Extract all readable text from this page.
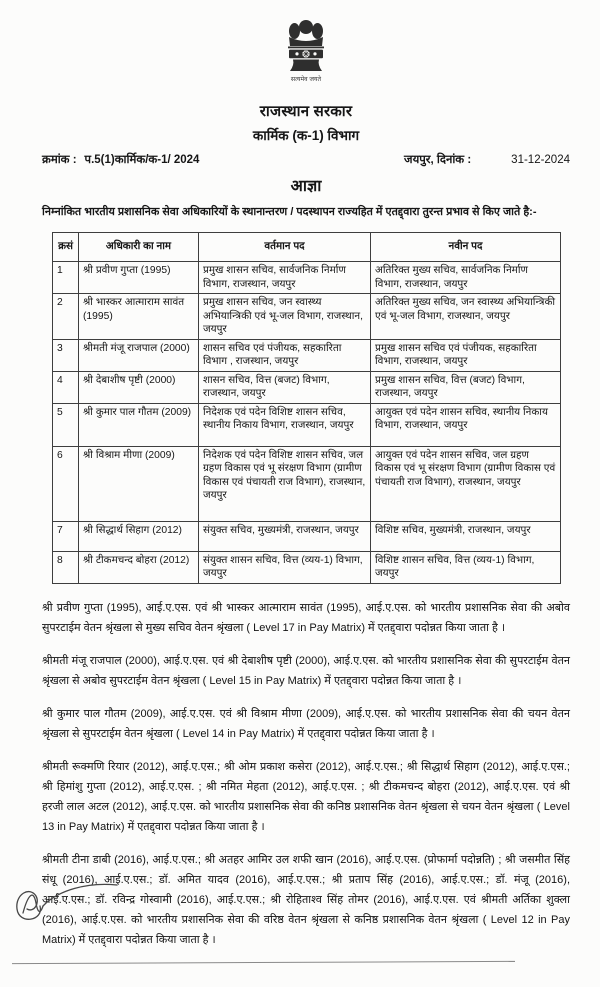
सत्यमेव जयते
राजस्थान सरकार
कार्मिक (क-1) विभाग
क्रमांक : प.5(1)कार्मिक/क-1/ 2024	जयपुर, दिनांक :	31-12-2024
आज्ञा
निम्नांकित भारतीय प्रशासनिक सेवा अधिकारियों के स्थानान्तरण / पदस्थापन राज्यहित में एतद्द्वारा तुरन्त प्रभाव से किए जाते है:-
क्रसं	अधिकारी का नाम	वर्तमान पद	नवीन पद
1	श्री प्रवीण गुप्ता (1995)	प्रमुख शासन सचिव, सार्वजनिक निर्माण विभाग, राजस्थान, जयपुर	अतिरिक्त मुख्य सचिव, सार्वजनिक निर्माण विभाग, राजस्थान, जयपुर
2	श्री भास्कर आत्माराम सावंत (1995)	प्रमुख शासन सचिव, जन स्वास्थ्य अभियान्त्रिकी एवं भू-जल विभाग, राजस्थान, जयपुर	अतिरिक्त मुख्य सचिव, जन स्वास्थ्य अभियान्त्रिकी एवं भू-जल विभाग, राजस्थान, जयपुर
3	श्रीमती मंजू राजपाल (2000)	शासन सचिव एवं पंजीयक, सहकारिता विभाग , राजस्थान, जयपुर	प्रमुख शासन सचिव एवं पंजीयक, सहकारिता विभाग, राजस्थान, जयपुर
4	श्री देबाशीष पृष्टी (2000)	शासन सचिव, वित्त (बजट) विभाग, राजस्थान, जयपुर	प्रमुख शासन सचिव, वित्त (बजट) विभाग, राजस्थान, जयपुर
5	श्री कुमार पाल गौतम (2009)	निदेशक एवं पदेन विशिष्ट शासन सचिव, स्थानीय निकाय विभाग, राजस्थान, जयपुर	आयुक्त एवं पदेन शासन सचिव, स्थानीय निकाय विभाग, राजस्थान, जयपुर
6	श्री विश्राम मीणा (2009)	निदेशक एवं पदेन विशिष्ट शासन सचिव, जल ग्रहण विकास एवं भू संरक्षण विभाग (ग्रामीण विकास एवं पंचायती राज विभाग), राजस्थान, जयपुर	आयुक्त एवं पदेन शासन सचिव, जल ग्रहण विकास एवं भू संरक्षण विभाग (ग्रामीण विकास एवं पंचायती राज विभाग), राजस्थान, जयपुर
7	श्री सिद्धार्थ सिहाग (2012)	संयुक्त सचिव, मुख्यमंत्री, राजस्थान, जयपुर	विशिष्ट सचिव, मुख्यमंत्री, राजस्थान, जयपुर
8	श्री टीकमचन्द बोहरा (2012)	संयुक्त शासन सचिव, वित्त (व्यय-1) विभाग, जयपुर	विशिष्ट शासन सचिव, वित्त (व्यय-1) विभाग, जयपुर

श्री प्रवीण गुप्ता (1995), आई.ए.एस. एवं श्री भास्कर आत्माराम सावंत (1995), आई.ए.एस. को भारतीय प्रशासनिक सेवा की अबोव सुपरटाईम वेतन श्रृंखला से मुख्य सचिव वेतन श्रृंखला ( Level 17 in Pay Matrix) में एतद्द्वारा पदोन्नत किया जाता है ।

श्रीमती मंजू राजपाल (2000), आई.ए.एस. एवं श्री देबाशीष पृष्टी (2000), आई.ए.एस. को भारतीय प्रशासनिक सेवा की सुपरटाईम वेतन श्रृंखला से अबोव सुपरटाईम वेतन श्रृंखला ( Level 15 in Pay Matrix) में एतद्द्वारा पदोन्नत किया जाता है ।

श्री कुमार पाल गौतम (2009), आई.ए.एस. एवं श्री विश्राम मीणा (2009), आई.ए.एस. को भारतीय प्रशासनिक सेवा की चयन वेतन श्रृंखला से सुपरटाईम वेतन श्रृंखला ( Level 14 in Pay Matrix) में एतद्द्वारा पदोन्नत किया जाता है ।

श्रीमती रूक्मणि रियार (2012), आई.ए.एस.; श्री ओम प्रकाश कसेरा (2012), आई.ए.एस.; श्री सिद्धार्थ सिहाग (2012), आई.ए.एस.; श्री हिमांशु गुप्ता (2012), आई.ए.एस. ; श्री नमित मेहता (2012), आई.ए.एस. ; श्री टीकमचन्द बोहरा (2012), आई.ए.एस. एवं श्री हरजी लाल अटल (2012), आई.ए.एस. को भारतीय प्रशासनिक सेवा की कनिष्ठ प्रशासनिक वेतन श्रृंखला से चयन वेतन श्रृंखला ( Level 13 in Pay Matrix) में एतद्द्वारा पदोन्नत किया जाता है ।

श्रीमती टीना डाबी (2016), आई.ए.एस.; श्री अतहर आमिर उल शफी खान (2016), आई.ए.एस. (प्रोफार्मा पदोन्नति) ; श्री जसमीत सिंह संधू (2016), आई.ए.एस.; डॉ. अमित यादव (2016), आई.ए.एस.; श्री प्रताप सिंह (2016), आई.ए.एस.; डॉ. मंजू (2016), आई.ए.एस.; डॉ. रविन्द्र गोस्वामी (2016), आई.ए.एस.; श्री रोहिताश्व सिंह तोमर (2016), आई.ए.एस. एवं श्रीमती अर्तिका शुक्ला (2016), आई.ए.एस. को भारतीय प्रशासनिक सेवा की वरिष्ठ वेतन श्रृंखला से कनिष्ठ प्रशासनिक वेतन श्रृंखला ( Level 12 in Pay Matrix) में एतद्द्वारा पदोन्नत किया जाता है ।
